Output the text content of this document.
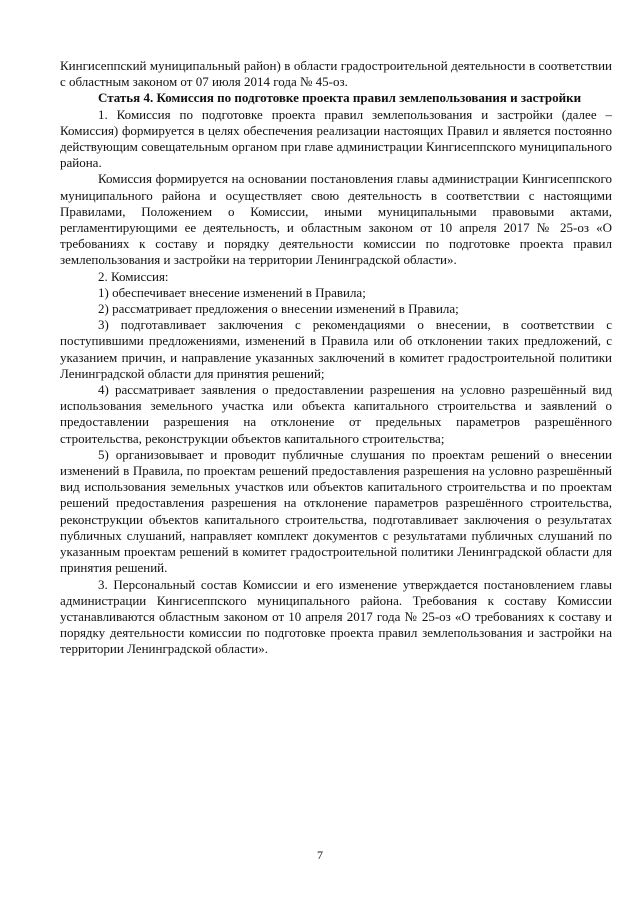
Кингисеппский муниципальный район) в области градостроительной деятельности в соответствии с областным законом от 07 июля 2014 года № 45-оз.

Статья 4. Комиссия по подготовке проекта правил землепользования и застройки

1. Комиссия по подготовке проекта правил землепользования и застройки (далее – Комиссия) формируется в целях обеспечения реализации настоящих Правил и является постоянно действующим совещательным органом при главе администрации Кингисеппского муниципального района.

Комиссия формируется на основании постановления главы администрации Кингисеппского муниципального района и осуществляет свою деятельность в соответствии с настоящими Правилами, Положением о Комиссии, иными муниципальными правовыми актами, регламентирующими ее деятельность, и областным законом от 10 апреля 2017 № 25-оз «О требованиях к составу и порядку деятельности комиссии по подготовке проекта правил землепользования и застройки на территории Ленинградской области».

2. Комиссия:

1) обеспечивает внесение изменений в Правила;

2) рассматривает предложения о внесении изменений в Правила;

3) подготавливает заключения с рекомендациями о внесении, в соответствии с поступившими предложениями, изменений в Правила или об отклонении таких предложений, с указанием причин, и направление указанных заключений в комитет градостроительной политики Ленинградской области для принятия решений;

4) рассматривает заявления о предоставлении разрешения на условно разрешённый вид использования земельного участка или объекта капитального строительства и заявлений о предоставлении разрешения на отклонение от предельных параметров разрешённого строительства, реконструкции объектов капитального строительства;

5) организовывает и проводит публичные слушания по проектам решений о внесении изменений в Правила, по проектам решений предоставления разрешения на условно разрешённый вид использования земельных участков или объектов капитального строительства и по проектам решений предоставления разрешения на отклонение параметров разрешённого строительства, реконструкции объектов капитального строительства, подготавливает заключения о результатах публичных слушаний, направляет комплект документов с результатами публичных слушаний по указанным проектам решений в комитет градостроительной политики Ленинградской области для принятия решений.

3. Персональный состав Комиссии и его изменение утверждается постановлением главы администрации Кингисеппского муниципального района. Требования к составу Комиссии устанавливаются областным законом от 10 апреля 2017 года № 25-оз «О требованиях к составу и порядку деятельности комиссии по подготовке проекта правил землепользования и застройки на территории Ленинградской области».

7
